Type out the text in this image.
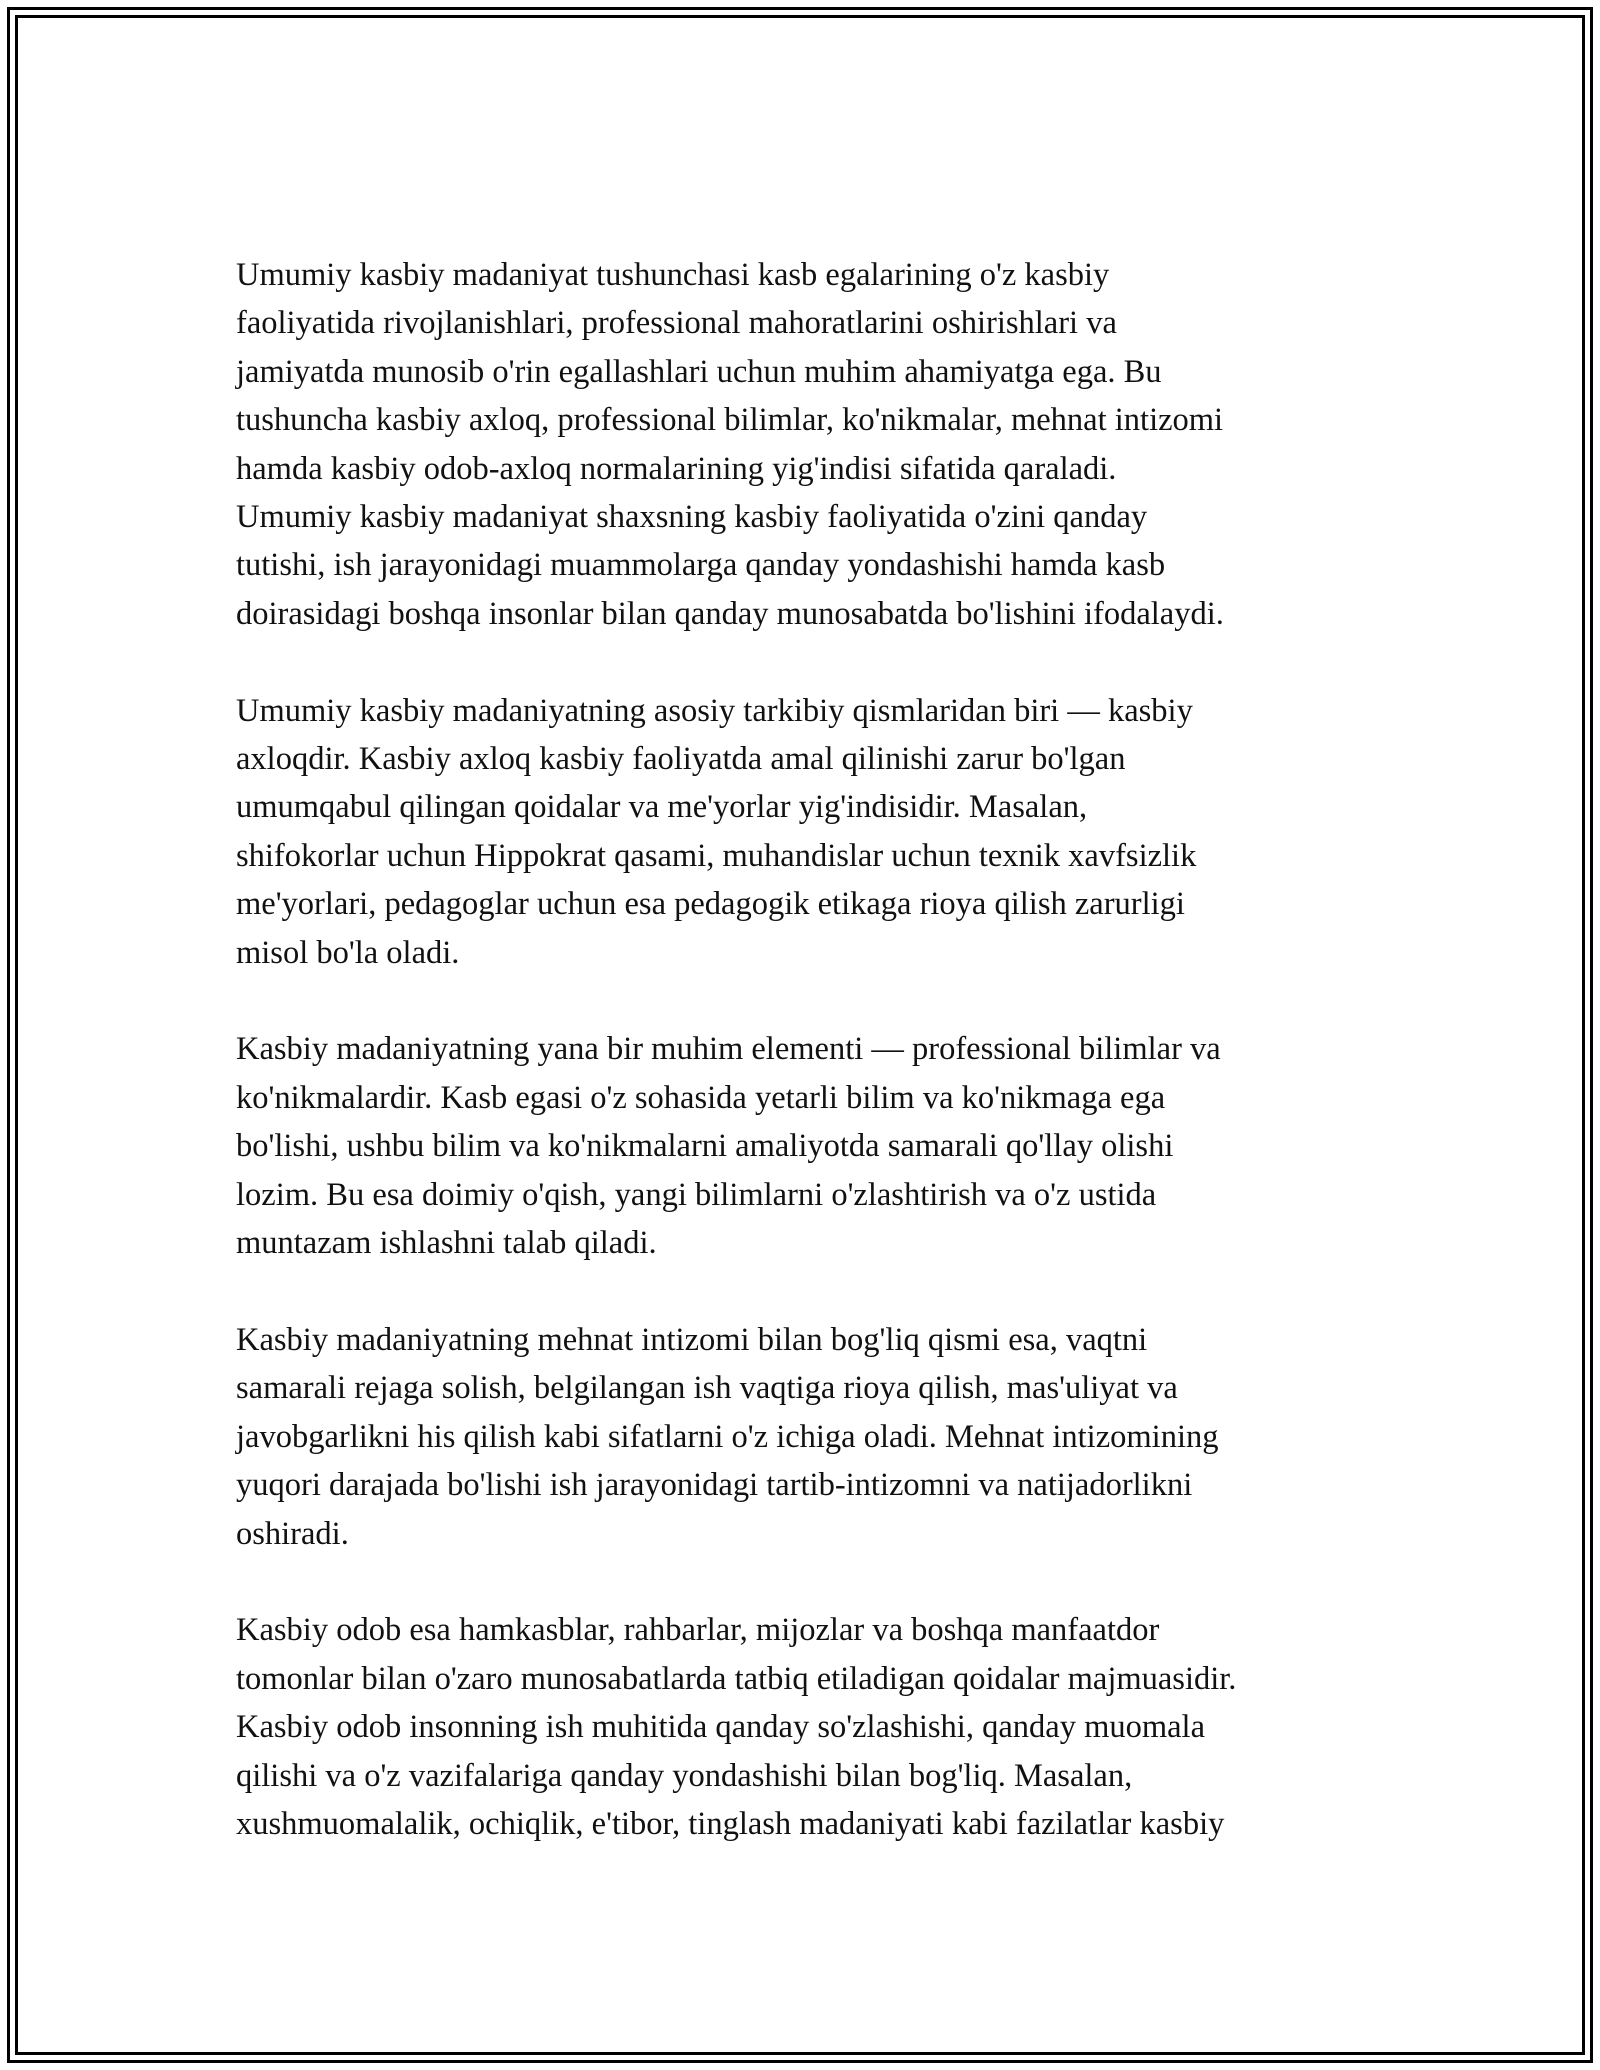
Umumiy kasbiy madaniyat tushunchasi kasb egalarining o'z kasbiy
faoliyatida rivojlanishlari, professional mahoratlarini oshirishlari va
jamiyatda munosib o'rin egallashlari uchun muhim ahamiyatga ega. Bu
tushuncha kasbiy axloq, professional bilimlar, ko'nikmalar, mehnat intizomi
hamda kasbiy odob-axloq normalarining yig'indisi sifatida qaraladi.
Umumiy kasbiy madaniyat shaxsning kasbiy faoliyatida o'zini qanday
tutishi, ish jarayonidagi muammolarga qanday yondashishi hamda kasb
doirasidagi boshqa insonlar bilan qanday munosabatda bo'lishini ifodalaydi.

Umumiy kasbiy madaniyatning asosiy tarkibiy qismlaridan biri — kasbiy
axloqdir. Kasbiy axloq kasbiy faoliyatda amal qilinishi zarur bo'lgan
umumqabul qilingan qoidalar va me'yorlar yig'indisidir. Masalan,
shifokorlar uchun Hippokrat qasami, muhandislar uchun texnik xavfsizlik
me'yorlari, pedagoglar uchun esa pedagogik etikaga rioya qilish zarurligi
misol bo'la oladi.

Kasbiy madaniyatning yana bir muhim elementi — professional bilimlar va
ko'nikmalardir. Kasb egasi o'z sohasida yetarli bilim va ko'nikmaga ega
bo'lishi, ushbu bilim va ko'nikmalarni amaliyotda samarali qo'llay olishi
lozim. Bu esa doimiy o'qish, yangi bilimlarni o'zlashtirish va o'z ustida
muntazam ishlashni talab qiladi.

Kasbiy madaniyatning mehnat intizomi bilan bog'liq qismi esa, vaqtni
samarali rejaga solish, belgilangan ish vaqtiga rioya qilish, mas'uliyat va
javobgarlikni his qilish kabi sifatlarni o'z ichiga oladi. Mehnat intizomining
yuqori darajada bo'lishi ish jarayonidagi tartib-intizomni va natijadorlikni
oshiradi.

Kasbiy odob esa hamkasblar, rahbarlar, mijozlar va boshqa manfaatdor
tomonlar bilan o'zaro munosabatlarda tatbiq etiladigan qoidalar majmuasidir.
Kasbiy odob insonning ish muhitida qanday so'zlashishi, qanday muomala
qilishi va o'z vazifalariga qanday yondashishi bilan bog'liq. Masalan,
xushmuomalalik, ochiqlik, e'tibor, tinglash madaniyati kabi fazilatlar kasbiy
